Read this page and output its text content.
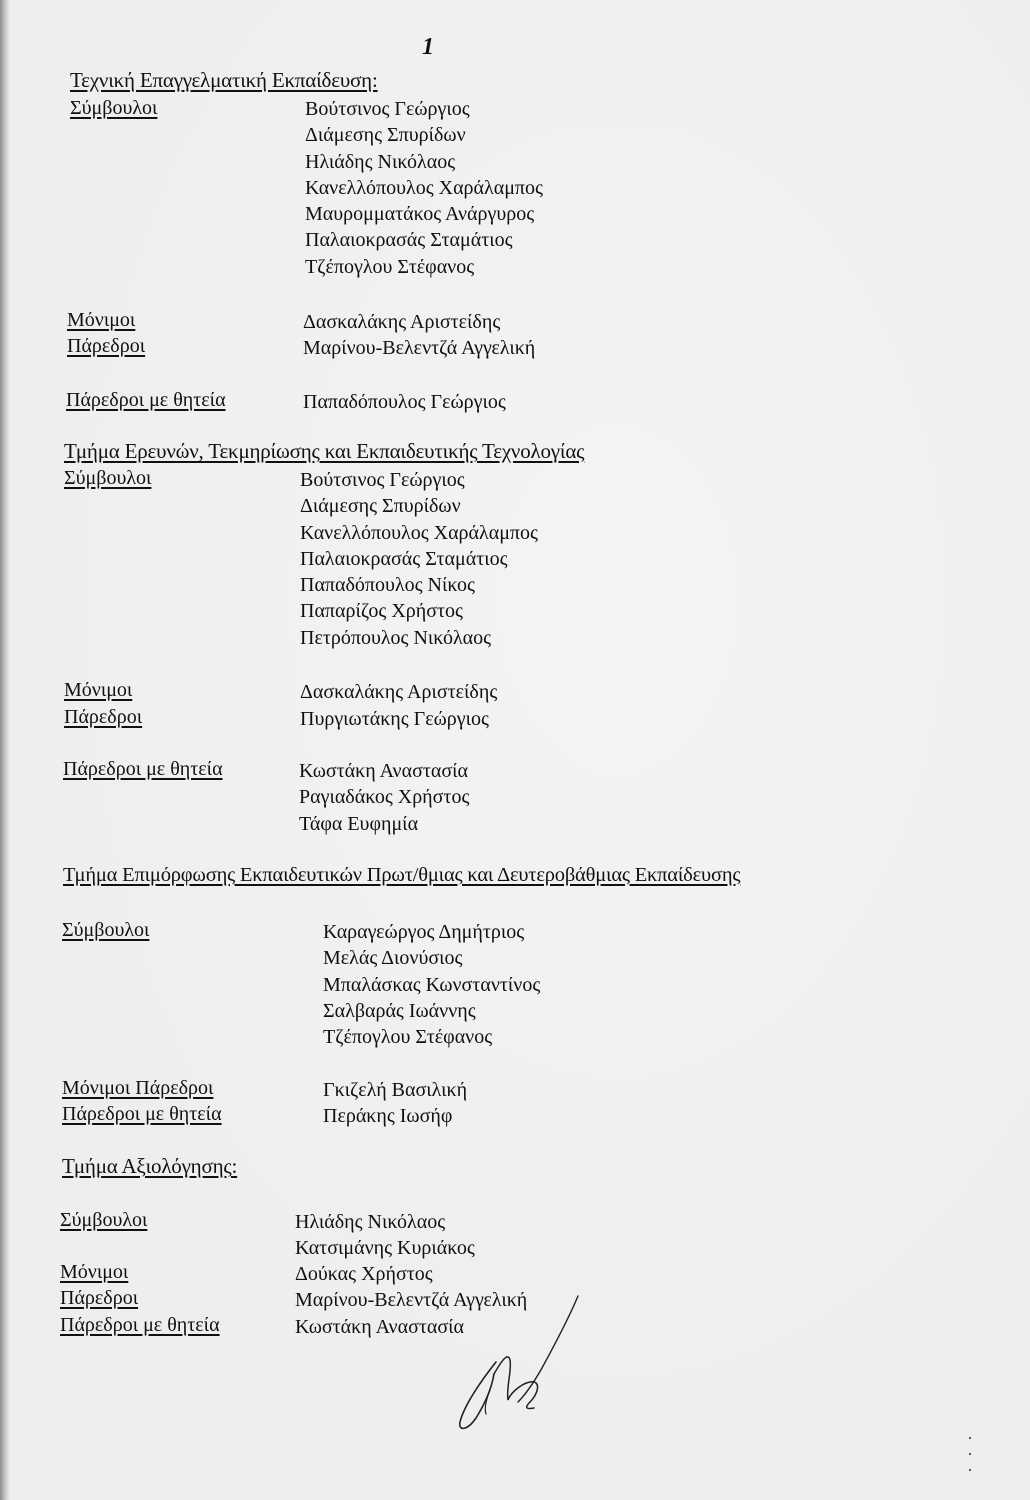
1
Τεχνική Επαγγελματική Εκπαίδευση:
Σύμβουλοι	Βούτσινος Γεώργιος
Διάμεσης Σπυρίδων
Ηλιάδης Νικόλαος
Κανελλόπουλος Χαράλαμπος
Μαυρομματάκος Ανάργυρος
Παλαιοκρασάς Σταμάτιος
Τζέπογλου Στέφανος
Μόνιμοι	Δασκαλάκης Αριστείδης
Πάρεδροι	Μαρίνου-Βελεντζά Αγγελική
Πάρεδροι με θητεία	Παπαδόπουλος Γεώργιος
Τμήμα Ερευνών, Τεκμηρίωσης και Εκπαιδευτικής Τεχνολογίας
Σύμβουλοι	Βούτσινος Γεώργιος
Διάμεσης Σπυρίδων
Κανελλόπουλος Χαράλαμπος
Παλαιοκρασάς Σταμάτιος
Παπαδόπουλος Νίκος
Παπαρίζος Χρήστος
Πετρόπουλος Νικόλαος
Μόνιμοι	Δασκαλάκης Αριστείδης
Πάρεδροι	Πυργιωτάκης Γεώργιος
Πάρεδροι με θητεία	Κωστάκη Αναστασία
Ραγιαδάκος Χρήστος
Τάφα Ευφημία
Τμήμα Επιμόρφωσης Εκπαιδευτικών Πρωτ/θμιας και Δευτεροβάθμιας Εκπαίδευσης
Σύμβουλοι	Καραγεώργος Δημήτριος
Μελάς Διονύσιος
Μπαλάσκας Κωνσταντίνος
Σαλβαράς Ιωάννης
Τζέπογλου Στέφανος
Μόνιμοι Πάρεδροι	Γκιζελή Βασιλική
Πάρεδροι με θητεία	Περάκης Ιωσήφ
Τμήμα Αξιολόγησης:
Σύμβουλοι	Ηλιάδης Νικόλαος
Κατσιμάνης Κυριάκος
Μόνιμοι	Δούκας Χρήστος
Πάρεδροι	Μαρίνου-Βελεντζά Αγγελική
Πάρεδροι με θητεία	Κωστάκη Αναστασία
·
·
·
